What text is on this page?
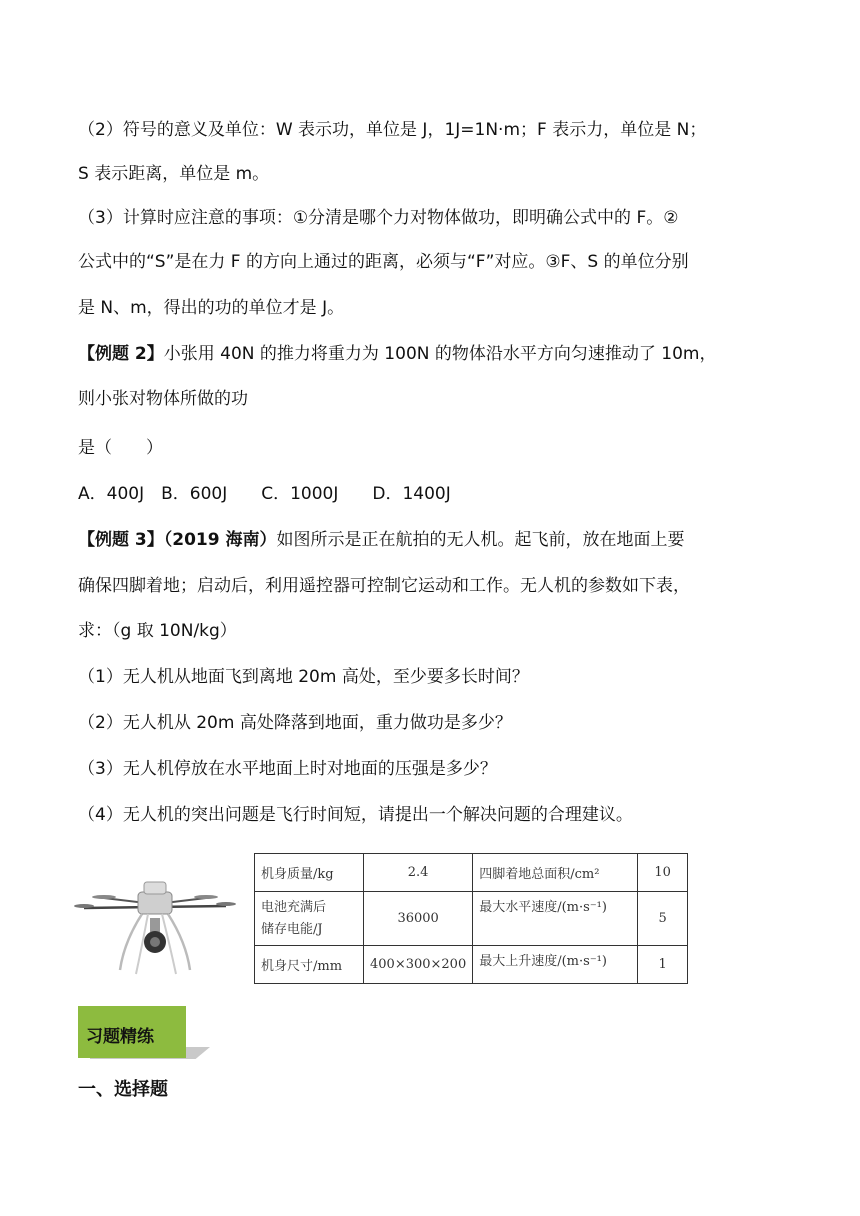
（2）符号的意义及单位：W 表示功，单位是 J，1J=1N·m；F 表示力，单位是 N；
S 表示距离，单位是 m。
（3）计算时应注意的事项：①分清是哪个力对物体做功，即明确公式中的 F。②
公式中的“S”是在力 F 的方向上通过的距离，必须与“F”对应。③F、S 的单位分别
是 N、m，得出的功的单位才是 J。
【例题 2】小张用 40N 的推力将重力为 100N 的物体沿水平方向匀速推动了 10m，
则小张对物体所做的功
是（　　）
A．400J　B．600J　　C．1000J　　D．1400J
【例题 3】（2019 海南）如图所示是正在航拍的无人机。起飞前，放在地面上要
确保四脚着地；启动后，利用遥控器可控制它运动和工作。无人机的参数如下表，
求：（g 取 10N/kg）
（1）无人机从地面飞到离地 20m 高处，至少要多长时间？
（2）无人机从 20m 高处降落到地面，重力做功是多少？
（3）无人机停放在水平地面上时对地面的压强是多少？
（4）无人机的突出问题是飞行时间短，请提出一个解决问题的合理建议。
机身质量/kg	2.4	四脚着地总面积/cm²	10

电池充满后
储存电能/J	36000	最大水平速度/(m·s⁻¹)	5
机身尺寸/mm	400×300×200	最大上升速度/(m·s⁻¹)	1
习题精练
一、选择题
